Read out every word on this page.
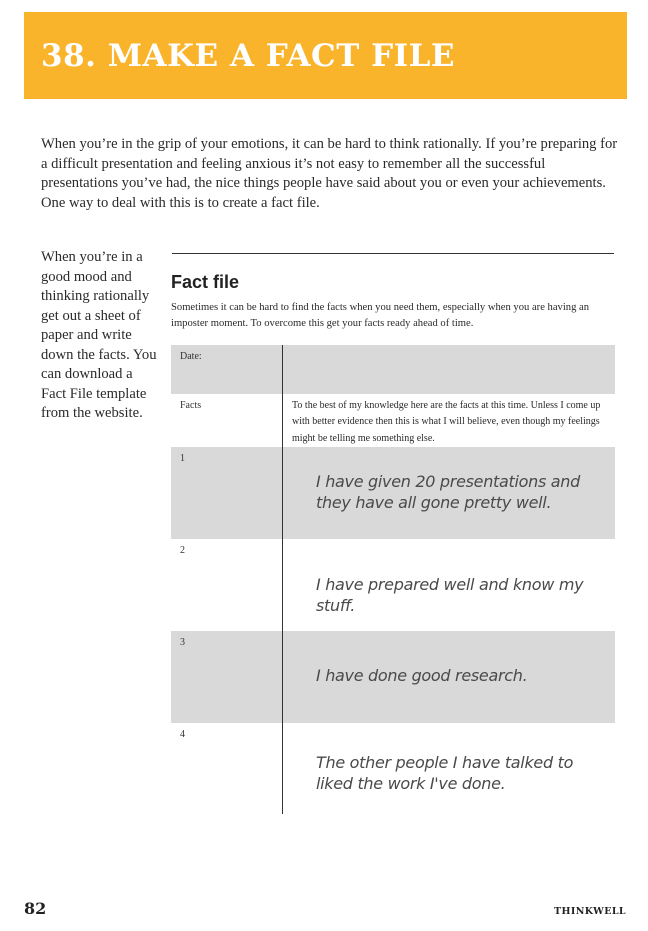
38. MAKE A FACT FILE

When you’re in the grip of your emotions, it can be hard to think rationally. If you’re preparing for a difficult presentation and feeling anxious it’s not easy to remember all the successful presentations you’ve had, the nice things people have said about you or even your achievements. One way to deal with this is to create a fact file.

When you’re in a good mood and thinking rationally get out a sheet of paper and write down the facts. You can download a Fact File template from the website.

Fact file

Sometimes it can be hard to find the facts when you need them, especially when you are having an imposter moment. To overcome this get your facts ready ahead of time.

Date:
Facts	To the best of my knowledge here are the facts at this time. Unless I come up with better evidence then this is what I will believe, even though my feelings might be telling me something else.

1

I have given 20 presentations and they have all gone pretty well.

2

I have prepared well and know my stuff.

3

I have done good research.

4

The other people I have talked to liked the work I've done.

82	THINKWELL
